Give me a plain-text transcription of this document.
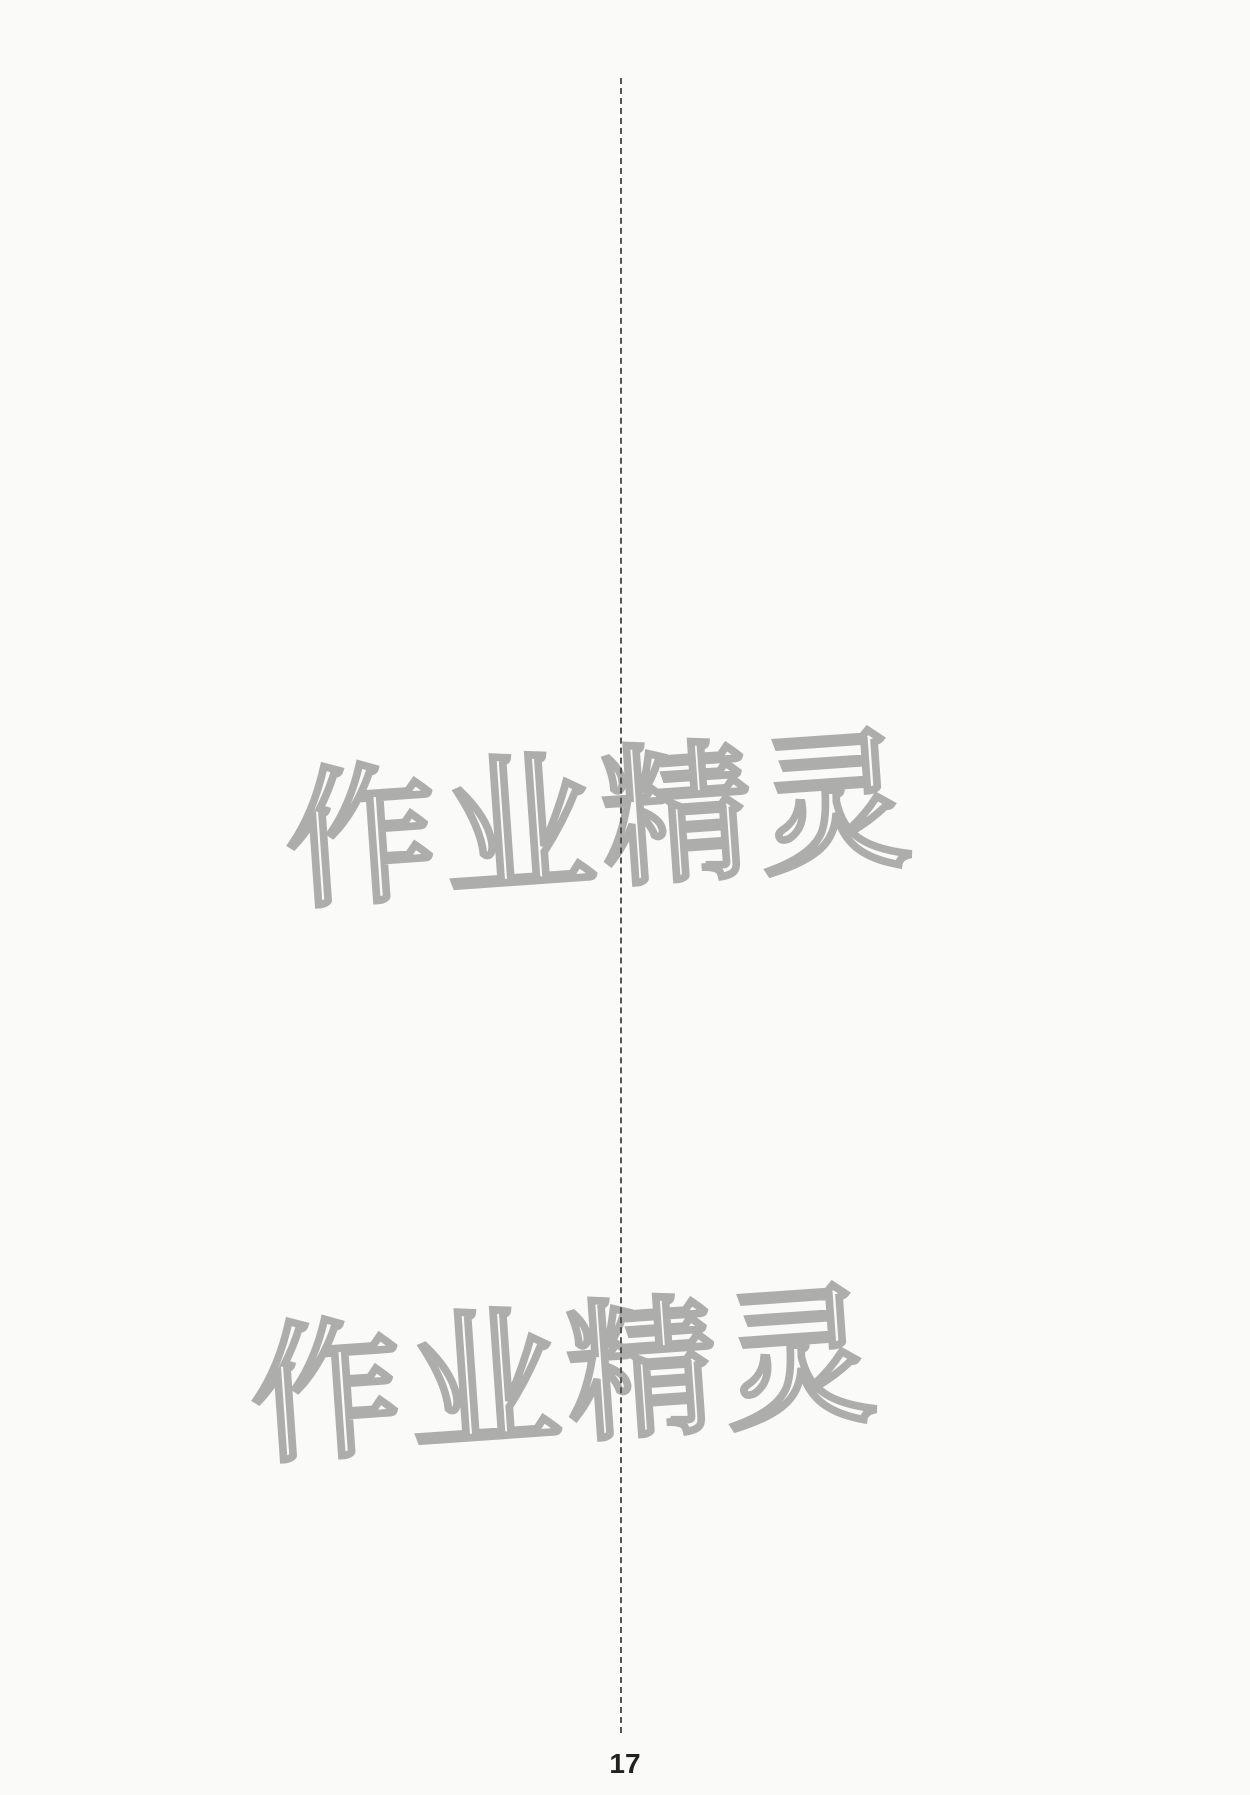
作业精灵
作业精灵
17
